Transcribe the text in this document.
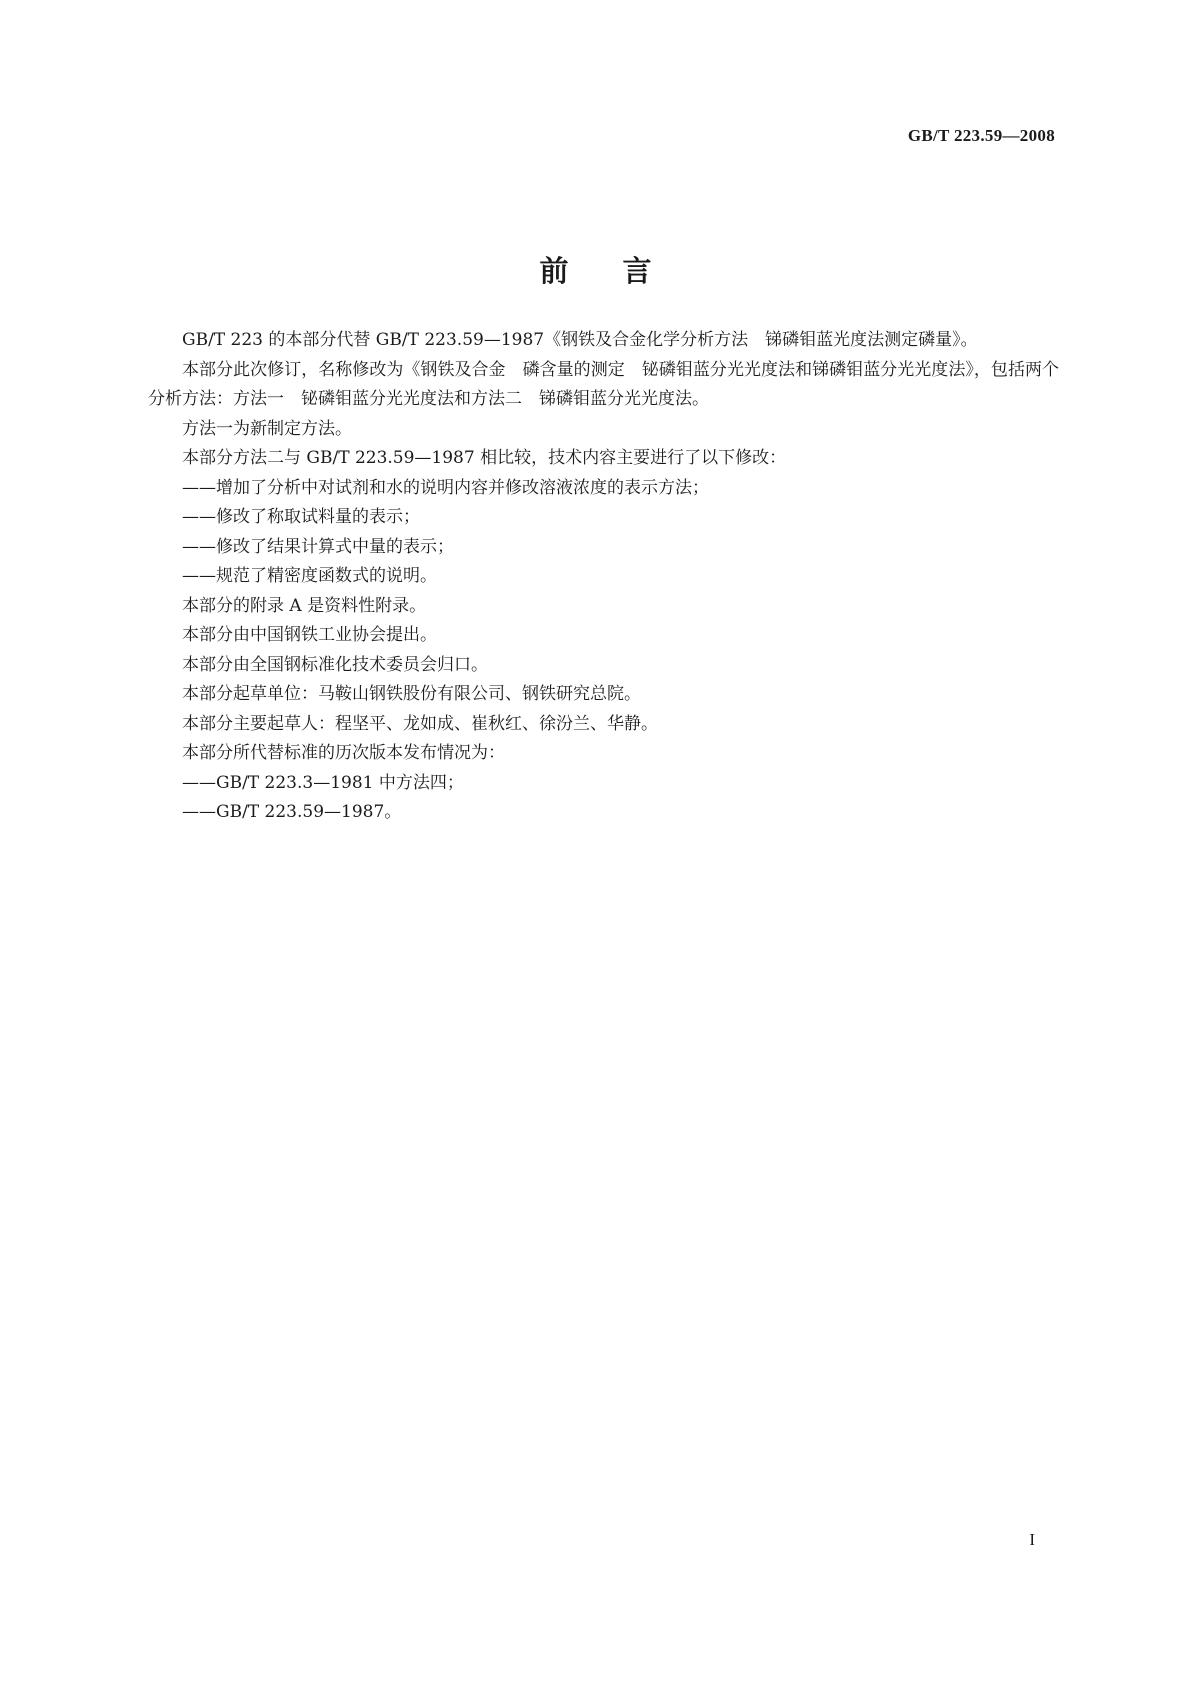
GB/T 223.59—2008
前言

GB/T 223 的本部分代替 GB/T 223.59—1987《钢铁及合金化学分析方法 锑磷钼蓝光度法测定磷量》。

本部分此次修订，名称修改为《钢铁及合金 磷含量的测定 铋磷钼蓝分光光度法和锑磷钼蓝分光光度法》，包括两个分析方法：方法一 铋磷钼蓝分光光度法和方法二 锑磷钼蓝分光光度法。

方法一为新制定方法。

本部分方法二与 GB/T 223.59—1987 相比较，技术内容主要进行了以下修改：

——增加了分析中对试剂和水的说明内容并修改溶液浓度的表示方法；

——修改了称取试料量的表示；

——修改了结果计算式中量的表示；

——规范了精密度函数式的说明。

本部分的附录 A 是资料性附录。

本部分由中国钢铁工业协会提出。

本部分由全国钢标准化技术委员会归口。

本部分起草单位：马鞍山钢铁股份有限公司、钢铁研究总院。

本部分主要起草人：程坚平、龙如成、崔秋红、徐汾兰、华静。

本部分所代替标准的历次版本发布情况为：

——GB/T 223.3—1981 中方法四；

——GB/T 223.59—1987。

I
